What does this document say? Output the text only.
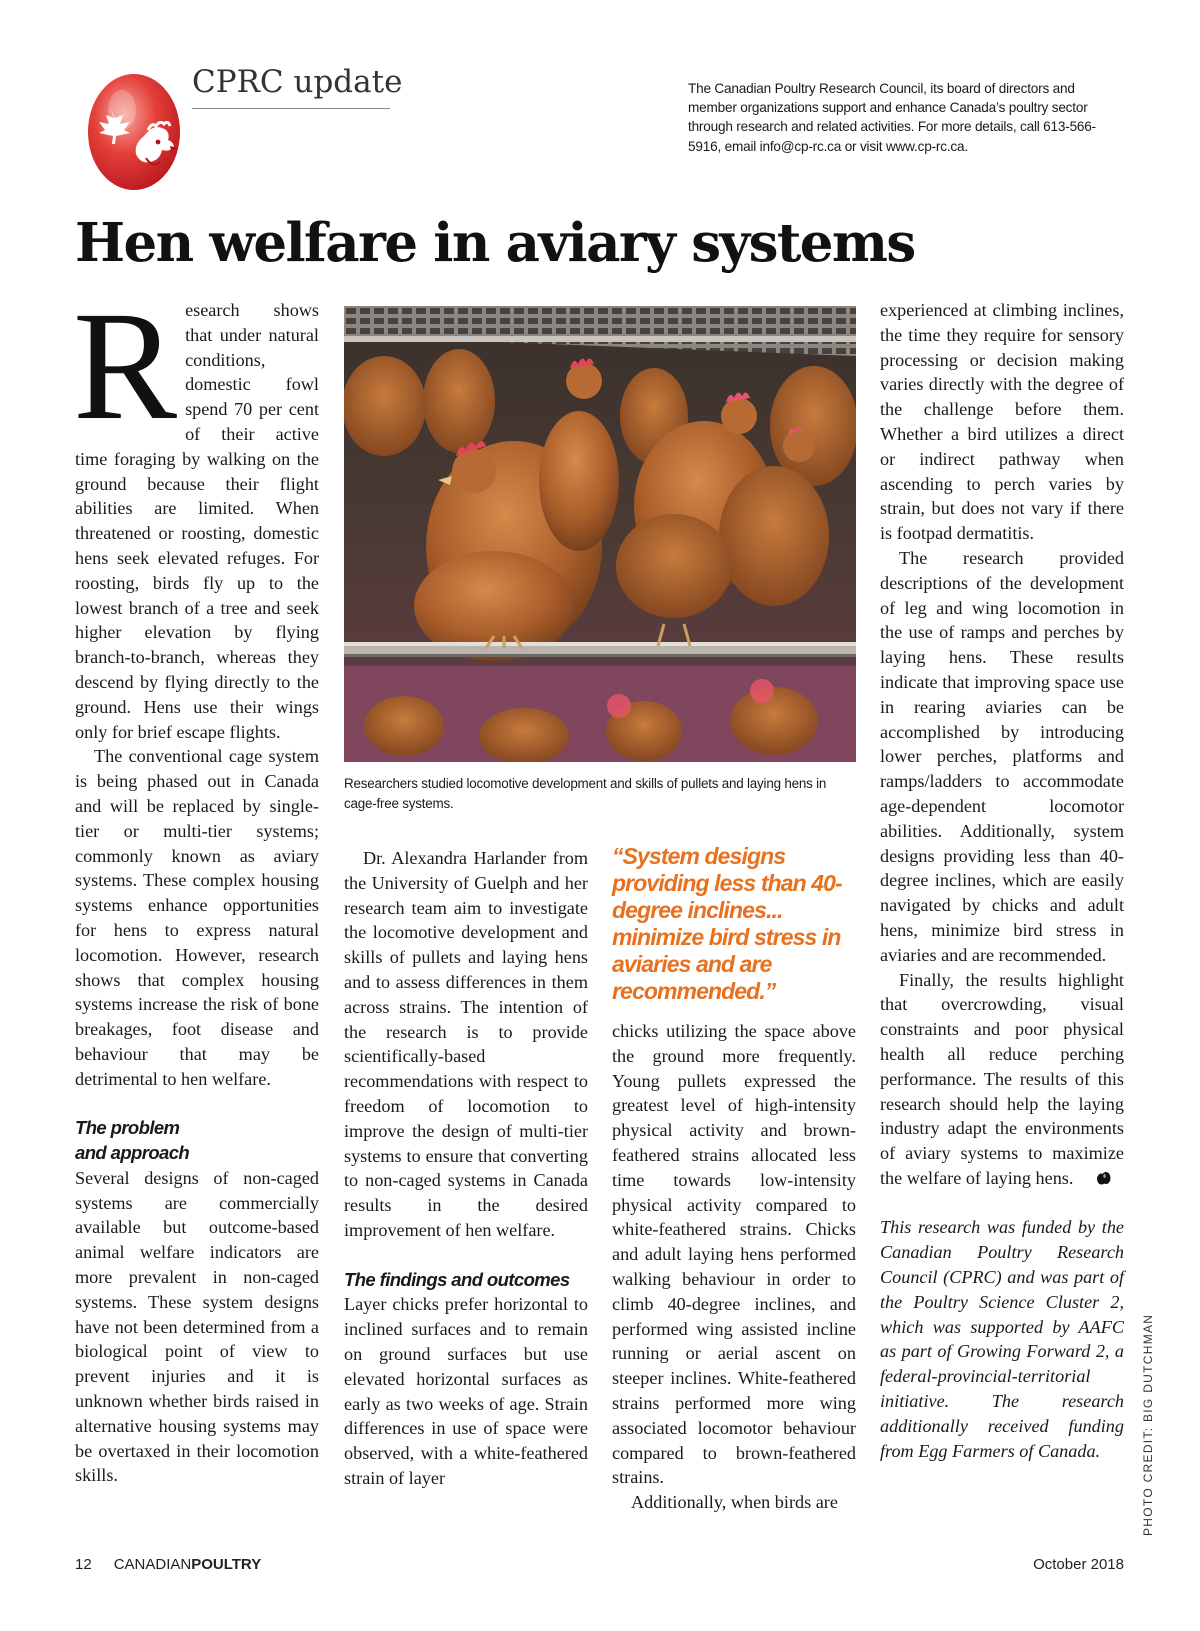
CPRC update	The Canadian Poultry Research Council, its board of directors and member organizations support and enhance Canada’s poultry sector through research and related activities. For more details, call 613-566-5916, email info@cp-rc.ca or visit www.cp-rc.ca.
Hen welfare in aviary systems

Research shows that under natural conditions, domestic fowl spend 70 per cent of their active time foraging by walking on the ground because their flight abilities are limited. When threatened or roosting, domestic hens seek elevated refuges. For roosting, birds fly up to the lowest branch of a tree and seek higher elevation by flying branch-to-branch, whereas they descend by flying directly to the ground. Hens use their wings only for brief escape flights.

The conventional cage system is being phased out in Canada and will be replaced by single-tier or multi-tier systems; commonly known as aviary systems. These complex housing systems enhance opportunities for hens to express natural locomotion. However, research shows that complex housing systems increase the risk of bone breakages, foot disease and behaviour that may be detrimental to hen welfare.

The problem
and approach

Several designs of non-caged systems are commercially available but outcome-based animal welfare indicators are more prevalent in non-caged systems. These system designs have not been determined from a biological point of view to prevent injuries and it is unknown whether birds raised in alternative housing systems may be overtaxed in their locomotion skills.

Researchers studied locomotive development and skills of pullets and laying hens in cage-free systems.

Dr. Alexandra Harlander from the University of Guelph and her research team aim to investigate the locomotive development and skills of pullets and laying hens and to assess differences in them across strains. The intention of the research is to provide scientifically-based recommendations with respect to freedom of locomotion to improve the design of multi-tier systems to ensure that converting to non-caged systems in Canada results in the desired improvement of hen welfare.

The findings and outcomes

Layer chicks prefer horizontal to inclined surfaces and to remain on ground surfaces but use elevated horizontal surfaces as early as two weeks of age. Strain differences in use of space were observed, with a white-feathered strain of layer

“System designs providing less than 40-degree inclines... minimize bird stress in aviaries and are recommended.”

chicks utilizing the space above the ground more frequently. Young pullets expressed the greatest level of high-intensity physical activity and brown-feathered strains allocated less time towards low-intensity physical activity compared to white-feathered strains. Chicks and adult laying hens performed walking behaviour in order to climb 40-degree inclines, and performed wing assisted incline running or aerial ascent on steeper inclines. White-feathered strains performed more wing associated locomotor behaviour compared to brown-feathered strains.

Additionally, when birds are

experienced at climbing inclines, the time they require for sensory processing or decision making varies directly with the degree of the challenge before them. Whether a bird utilizes a direct or indirect pathway when ascending to perch varies by strain, but does not vary if there is footpad dermatitis.

The research provided descriptions of the development of leg and wing locomotion in the use of ramps and perches by laying hens. These results indicate that improving space use in rearing aviaries can be accomplished by introducing lower perches, platforms and ramps/ladders to accommodate age-dependent locomotor abilities. Additionally, system designs providing less than 40-degree inclines, which are easily navigated by chicks and adult hens, minimize bird stress in aviaries and are recommended.

Finally, the results highlight that overcrowding, visual constraints and poor physical health all reduce perching performance. The results of this research should help the laying industry adapt the environments of aviary systems to maximize the welfare of laying hens.

This research was funded by the Canadian Poultry Research Council (CPRC) and was part of the Poultry Science Cluster 2, which was supported by AAFC as part of Growing Forward 2, a federal-provincial-territorial initiative. The research additionally received funding from Egg Farmers of Canada.	PHOTO CREDIT: BIG DUTCHMAN
12 CANADIANPOULTRY	October 2018
